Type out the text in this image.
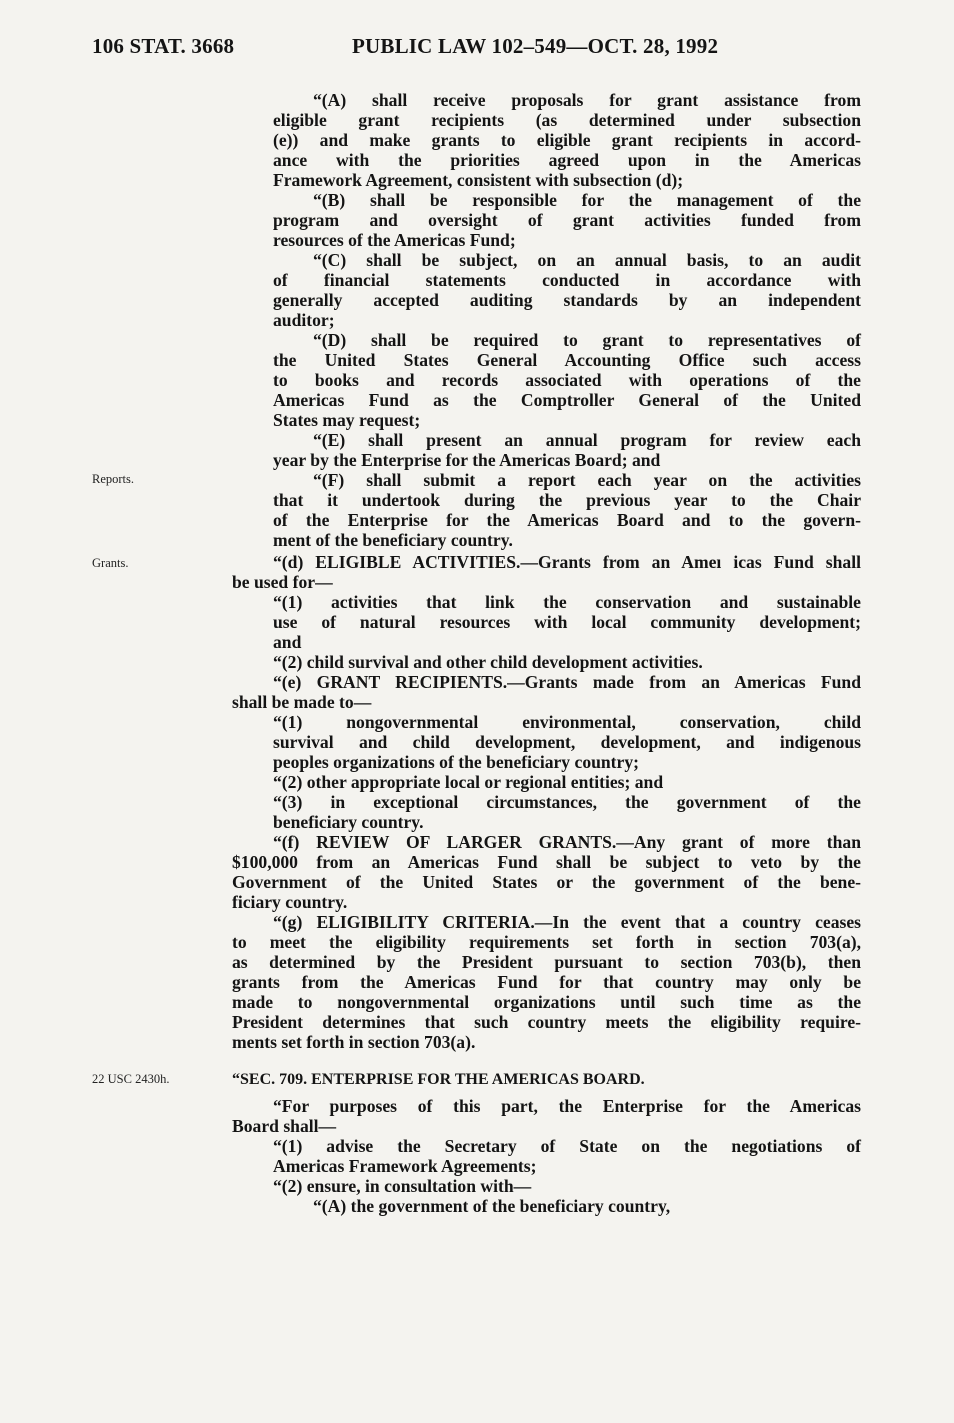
106 STAT. 3668	PUBLIC LAW 102–549—OCT. 28, 1992
Reports.
Grants.
22 USC 2430h.
“(A) shall receive proposals for grant assistance from
eligible grant recipients (as determined under subsection
(e)) and make grants to eligible grant recipients in accord-
ance with the priorities agreed upon in the Americas
Framework Agreement, consistent with subsection (d);
“(B) shall be responsible for the management of the
program and oversight of grant activities funded from
resources of the Americas Fund;
“(C) shall be subject, on an annual basis, to an audit
of financial statements conducted in accordance with
generally accepted auditing standards by an independent
auditor;
“(D) shall be required to grant to representatives of
the United States General Accounting Office such access
to books and records associated with operations of the
Americas Fund as the Comptroller General of the United
States may request;
“(E) shall present an annual program for review each
year by the Enterprise for the Americas Board; and
“(F) shall submit a report each year on the activities
that it undertook during the previous year to the Chair
of the Enterprise for the Americas Board and to the govern-
ment of the beneficiary country.
“(d) ELIGIBLE ACTIVITIES.—Grants from an Ameı icas Fund shall
be used for—
“(1) activities that link the conservation and sustainable
use of natural resources with local community development;
and
“(2) child survival and other child development activities.
“(e) GRANT RECIPIENTS.—Grants made from an Americas Fund
shall be made to—
“(1) nongovernmental environmental, conservation, child
survival and child development, development, and indigenous
peoples organizations of the beneficiary country;
“(2) other appropriate local or regional entities; and
“(3) in exceptional circumstances, the government of the
beneficiary country.
“(f) REVIEW OF LARGER GRANTS.—Any grant of more than
$100,000 from an Americas Fund shall be subject to veto by the
Government of the United States or the government of the bene-
ficiary country.
“(g) ELIGIBILITY CRITERIA.—In the event that a country ceases
to meet the eligibility requirements set forth in section 703(a),
as determined by the President pursuant to section 703(b), then
grants from the Americas Fund for that country may only be
made to nongovernmental organizations until such time as the
President determines that such country meets the eligibility require-
ments set forth in section 703(a).
“SEC. 709. ENTERPRISE FOR THE AMERICAS BOARD.
“For purposes of this part, the Enterprise for the Americas
Board shall—
“(1) advise the Secretary of State on the negotiations of
Americas Framework Agreements;
“(2) ensure, in consultation with—
“(A) the government of the beneficiary country,
